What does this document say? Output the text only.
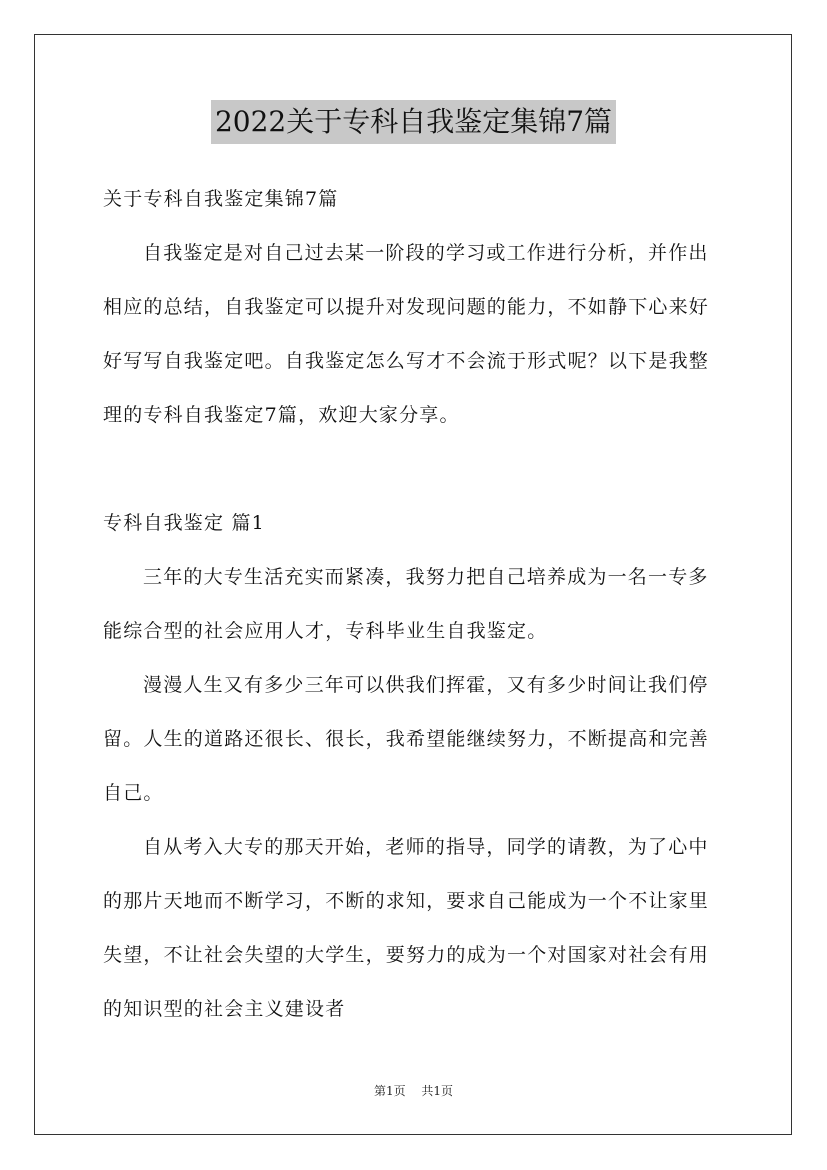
2022关于专科自我鉴定集锦7篇
关于专科自我鉴定集锦7篇
自我鉴定是对自己过去某一阶段的学习或工作进行分析，并作出
相应的总结，自我鉴定可以提升对发现问题的能力，不如静下心来好
好写写自我鉴定吧。自我鉴定怎么写才不会流于形式呢？以下是我整
理的专科自我鉴定7篇，欢迎大家分享。
专科自我鉴定 篇1
三年的大专生活充实而紧凑，我努力把自己培养成为一名一专多
能综合型的社会应用人才，专科毕业生自我鉴定。
漫漫人生又有多少三年可以供我们挥霍，又有多少时间让我们停
留。人生的道路还很长、很长，我希望能继续努力，不断提高和完善
自己。
自从考入大专的那天开始，老师的指导，同学的请教，为了心中
的那片天地而不断学习，不断的求知，要求自己能成为一个不让家里
失望，不让社会失望的大学生，要努力的成为一个对国家对社会有用
的知识型的社会主义建设者
第1页 共1页
